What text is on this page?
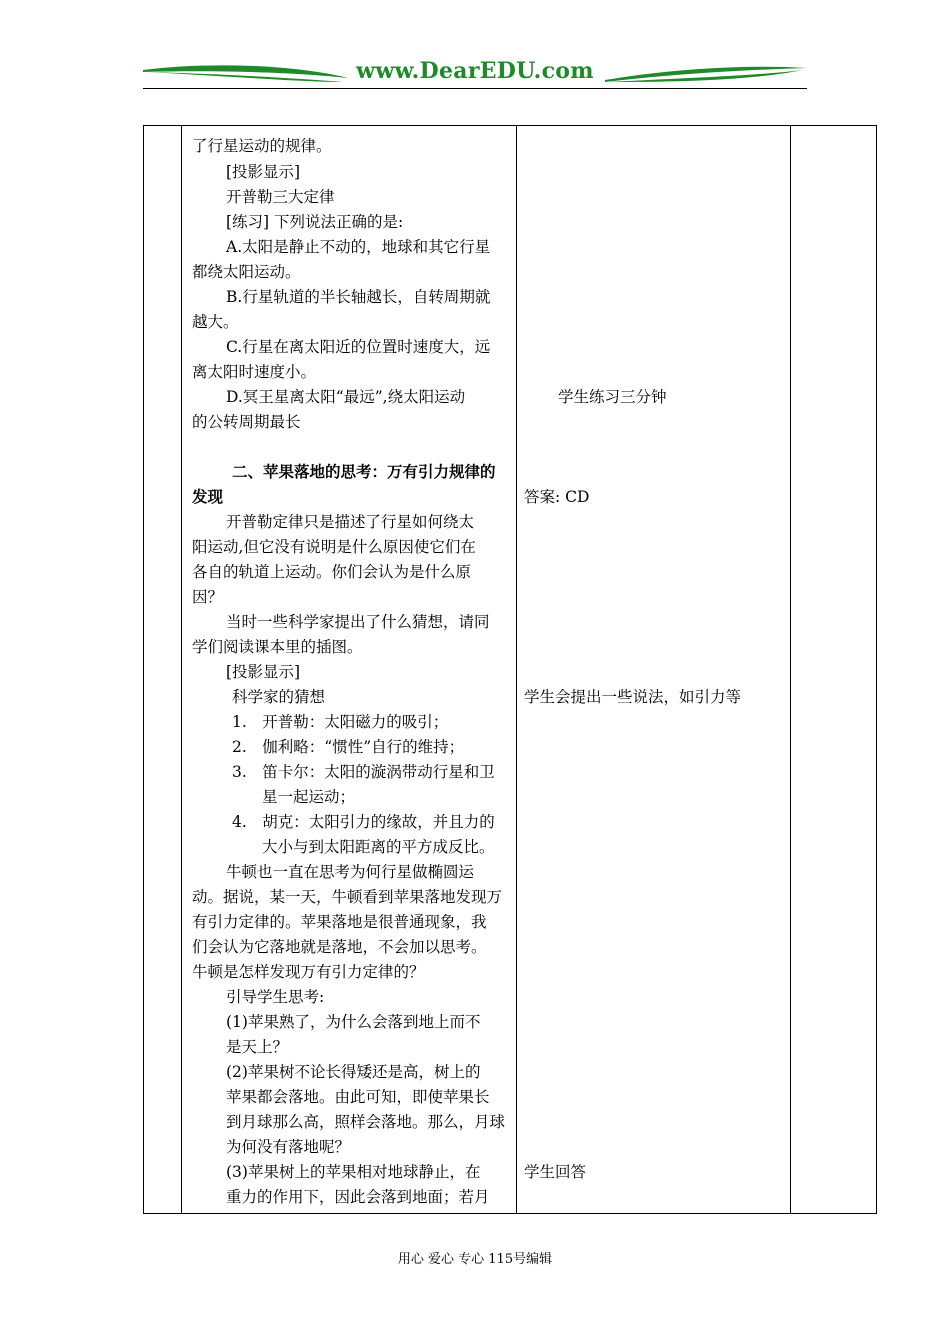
www.DearEDU.com
了行星运动的规律。
[投影显示]
开普勒三大定律
[练习] 下列说法正确的是:
A.太阳是静止不动的，地球和其它行星
都绕太阳运动。
B.行星轨道的半长轴越长，自转周期就
越大。
C.行星在离太阳近的位置时速度大，远
离太阳时速度小。
D.冥王星离太阳“最远”,绕太阳运动
的公转周期最长
二、苹果落地的思考：万有引力规律的
发现
开普勒定律只是描述了行星如何绕太
阳运动,但它没有说明是什么原因使它们在
各自的轨道上运动。你们会认为是什么原
因？
当时一些科学家提出了什么猜想，请同
学们阅读课本里的插图。
[投影显示]
科学家的猜想
1.　开普勒：太阳磁力的吸引；
2.　伽利略：“惯性”自行的维持；
3.　笛卡尔：太阳的漩涡带动行星和卫
星一起运动；
4.　胡克：太阳引力的缘故，并且力的
大小与到太阳距离的平方成反比。
牛顿也一直在思考为何行星做椭圆运
动。据说，某一天，牛顿看到苹果落地发现万
有引力定律的。苹果落地是很普通现象，我
们会认为它落地就是落地，不会加以思考。
牛顿是怎样发现万有引力定律的？
引导学生思考:
(1)苹果熟了，为什么会落到地上而不
是天上？
(2)苹果树不论长得矮还是高，树上的
苹果都会落地。由此可知，即使苹果长
到月球那么高，照样会落地。那么，月球
为何没有落地呢？
(3)苹果树上的苹果相对地球静止，在
重力的作用下，因此会落到地面；若月
学生练习三分钟
答案: CD
学生会提出一些说法，如引力等
学生回答
用心 爱心 专心 115号编辑
